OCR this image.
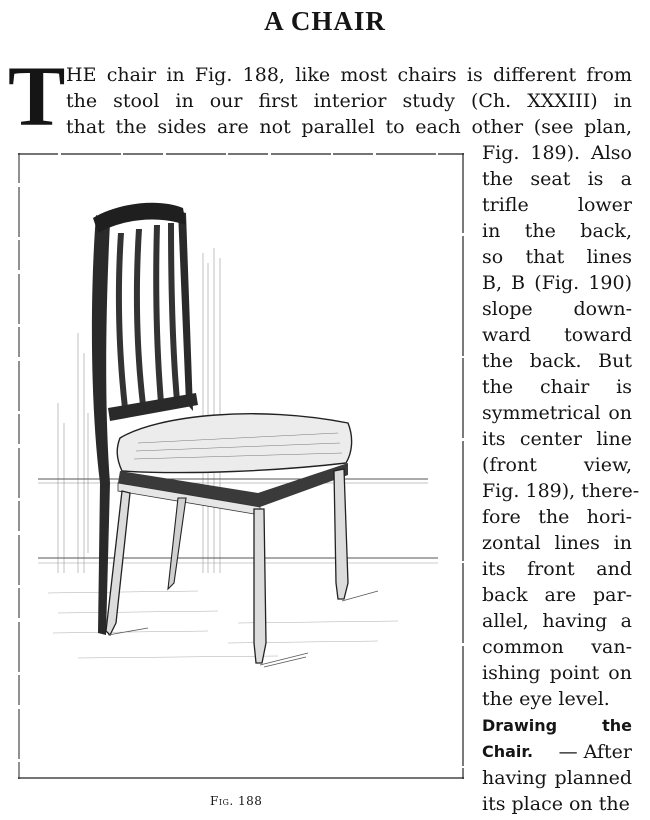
A CHAIR
T HE chair in Fig. 188, like most chairs is different from
the stool in our first interior study (Ch. XXXIII) in
that the sides are not parallel to each other (see plan,
Fig. 189). Also
the seat is a
trifle lower
in the back,
so that lines
B, B (Fig. 190)
slope down-
ward toward
the back. But
the chair is
symmetrical on
its center line
(front view,
Fig. 189), there-
fore the hori-
zontal lines in
its front and
back are par-
allel, having a
common van-
ishing point on
the eye level.
Drawing the
Chair. — After
having planned
its place on the
Fig. 188
